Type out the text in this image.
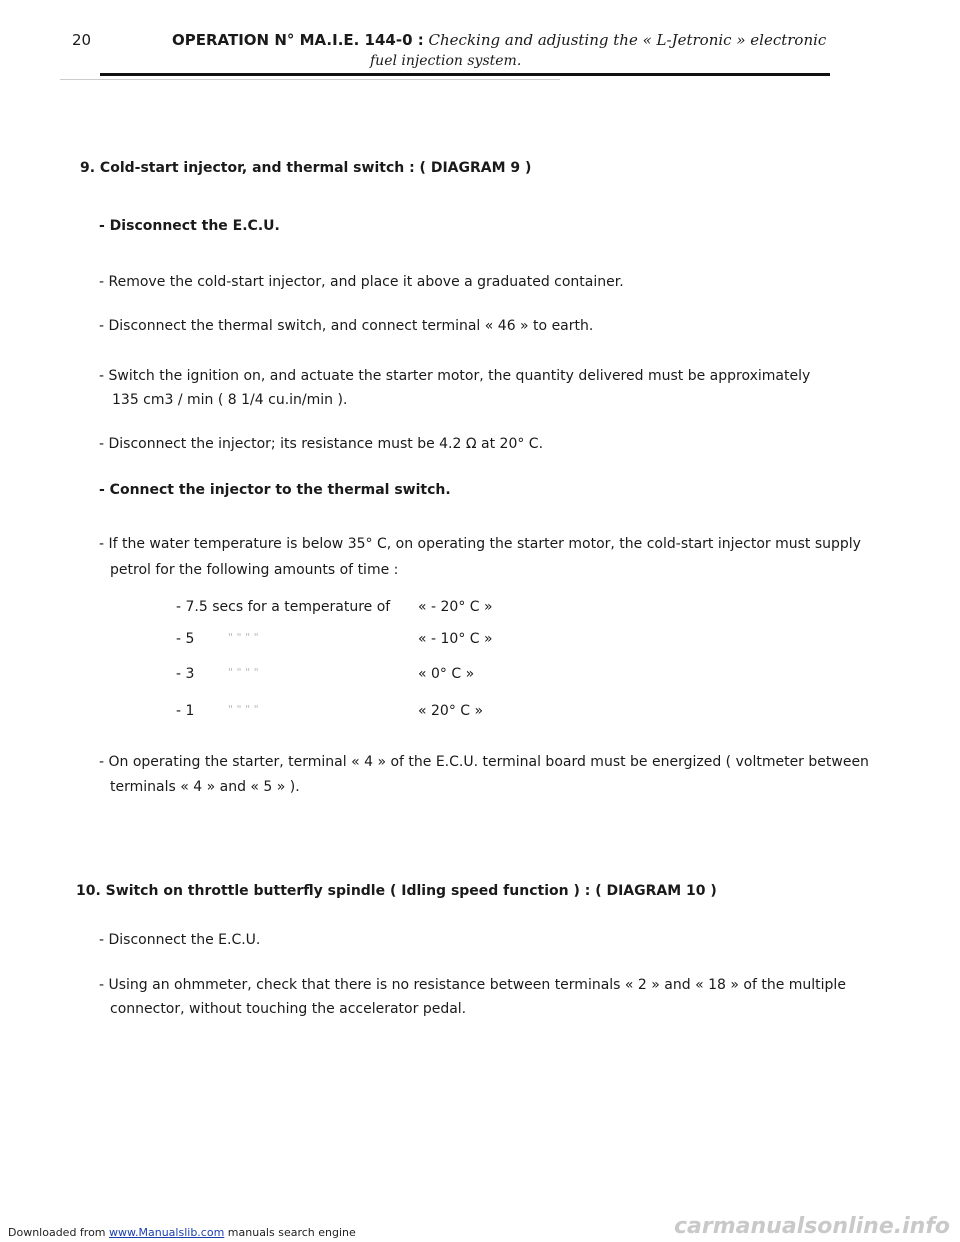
20	OPERATION N° MA.I.E. 144-0 : Checking and adjusting the « L-Jetronic » electronic
fuel injection system.
9. Cold-start injector, and thermal switch : ( DIAGRAM 9 )
- Disconnect the E.C.U.
- Remove the cold-start injector, and place it above a graduated container.
- Disconnect the thermal switch, and connect terminal « 46 » to earth.
- Switch the ignition on, and actuate the starter motor, the quantity delivered must be approximately
135 cm3 / min ( 8 1/4 cu.in/min ).
- Disconnect the injector; its resistance must be 4.2 Ω at 20° C.
- Connect the injector to the thermal switch.
- If the water temperature is below 35° C, on operating the starter motor, the cold-start injector must supply
petrol for the following amounts of time :
- 7.5 secs for a temperature of « - 20° C »
- 5	" " " "	« - 10° C »
- 3	" " " "	« 0° C »
- 1	" " " "	« 20° C »
- On operating the starter, terminal « 4 » of the E.C.U. terminal board must be energized ( voltmeter between
terminals « 4 » and « 5 » ).
10. Switch on throttle butterfly spindle ( Idling speed function ) : ( DIAGRAM 10 )
- Disconnect the E.C.U.
- Using an ohmmeter, check that there is no resistance between terminals « 2 » and « 18 » of the multiple
connector, without touching the accelerator pedal.
Downloaded from www.Manualslib.com manuals search engine	carmanualsonline.info
